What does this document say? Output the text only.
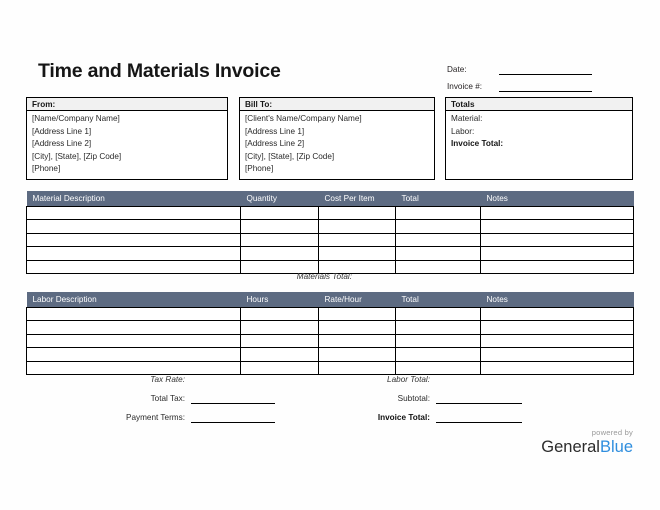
Time and Materials Invoice	Date:
Invoice #:
From:
[Name/Company Name]
[Address Line 1]
[Address Line 2]
[City], [State], [Zip Code]
[Phone]
Bill To:
[Client's Name/Company Name]
[Address Line 1]
[Address Line 2]
[City], [State], [Zip Code]
[Phone]
Totals
Material:
Labor:
Invoice Total:
Material Description	Quantity	Cost Per Item	Total	Notes

Materials Total:
Labor Description	Hours	Rate/Hour	Total	Notes

Tax Rate:
Total Tax:
Payment Terms:
Labor Total:
Subtotal:
Invoice Total:
powered by
GeneralBlue
